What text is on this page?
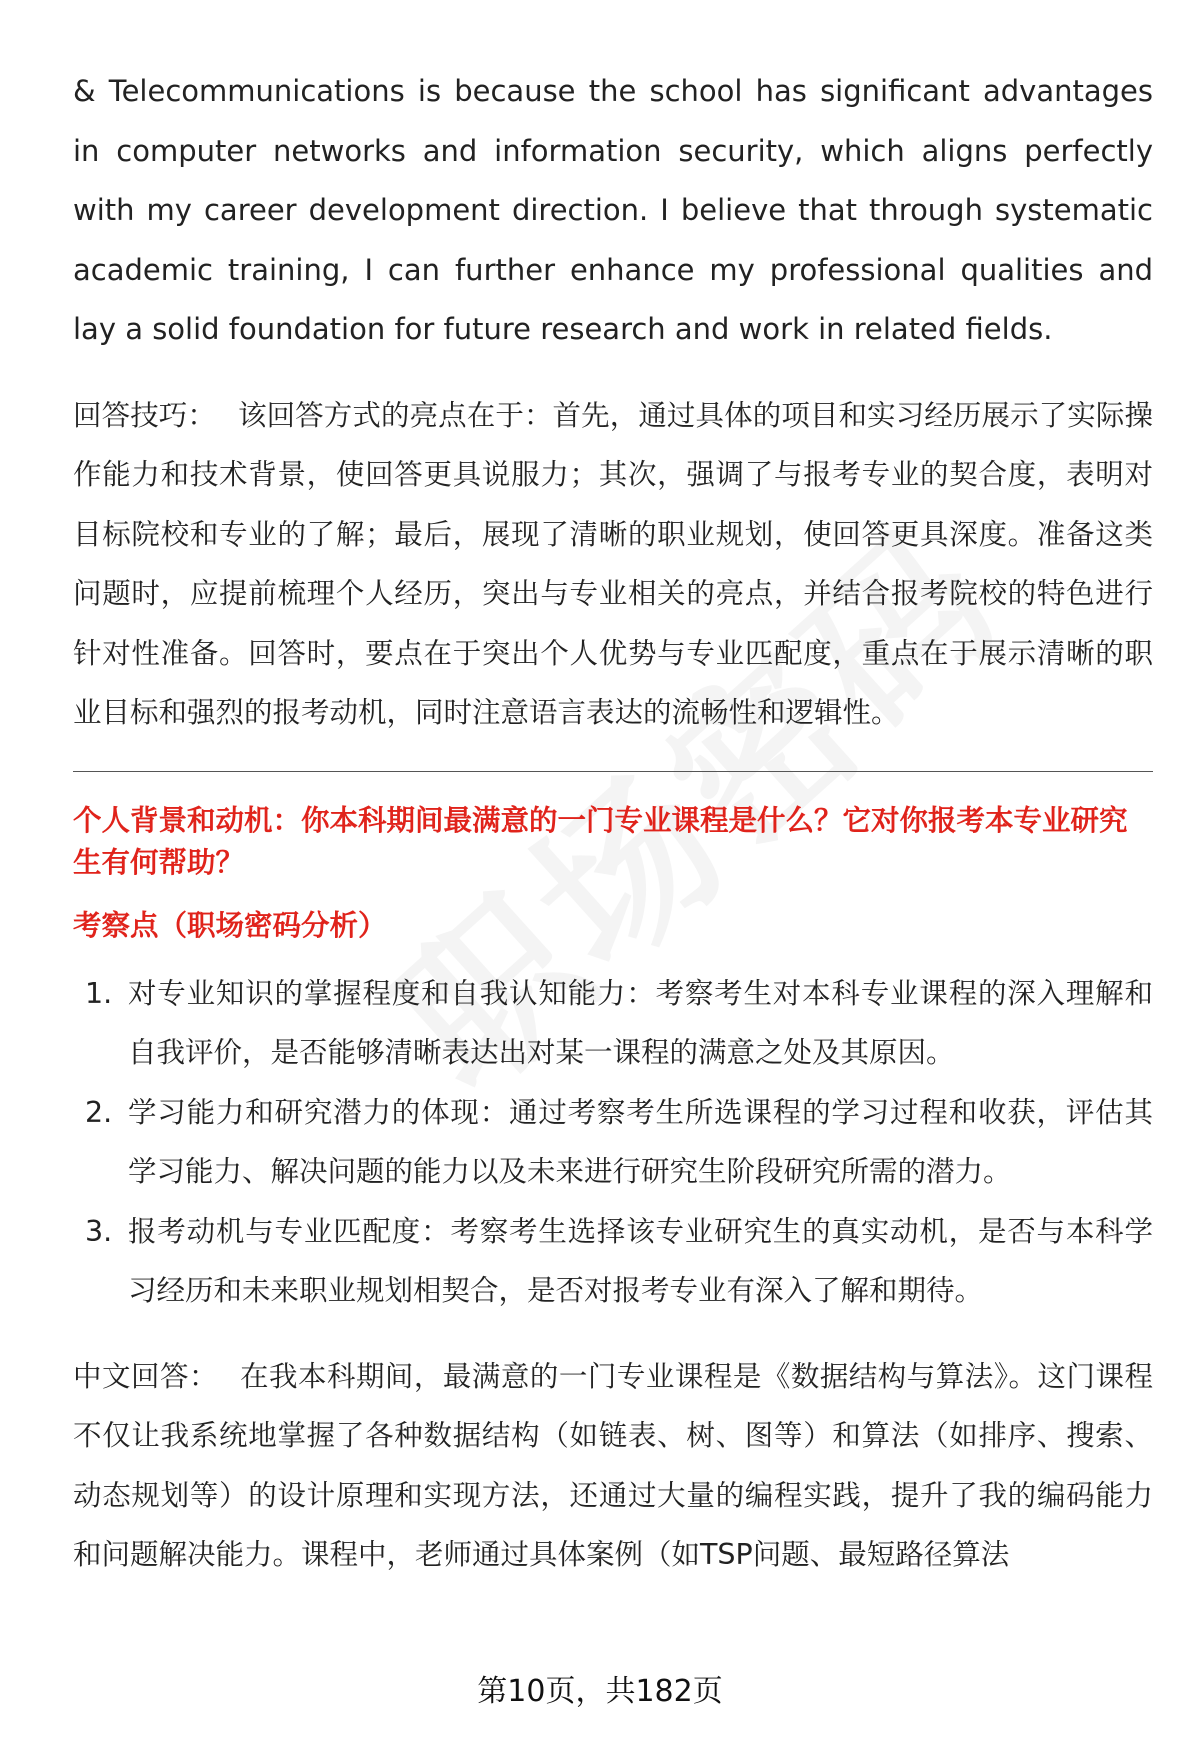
& Telecommunications is because the school has significant advantages in computer networks and information security, which aligns perfectly with my career development direction. I believe that through systematic academic training, I can further enhance my professional qualities and lay a solid foundation for future research and work in related fields.

回答技巧： 该回答方式的亮点在于：首先，通过具体的项目和实习经历展示了实际操作能力和技术背景，使回答更具说服力；其次，强调了与报考专业的契合度，表明对目标院校和专业的了解；最后，展现了清晰的职业规划，使回答更具深度。准备这类问题时，应提前梳理个人经历，突出与专业相关的亮点，并结合报考院校的特色进行针对性准备。回答时，要点在于突出个人优势与专业匹配度，重点在于展示清晰的职业目标和强烈的报考动机，同时注意语言表达的流畅性和逻辑性。

个人背景和动机：你本科期间最满意的一门专业课程是什么？它对你报考本专业研究生有何帮助？

考察点（职场密码分析）

1. 对专业知识的掌握程度和自我认知能力：考察考生对本科专业课程的深入理解和自我评价，是否能够清晰表达出对某一课程的满意之处及其原因。
2. 学习能力和研究潜力的体现：通过考察考生所选课程的学习过程和收获，评估其学习能力、解决问题的能力以及未来进行研究生阶段研究所需的潜力。
3. 报考动机与专业匹配度：考察考生选择该专业研究生的真实动机，是否与本科学习经历和未来职业规划相契合，是否对报考专业有深入了解和期待。

中文回答： 在我本科期间，最满意的一门专业课程是《数据结构与算法》。这门课程不仅让我系统地掌握了各种数据结构（如链表、树、图等）和算法（如排序、搜索、动态规划等）的设计原理和实现方法，还通过大量的编程实践，提升了我的编码能力和问题解决能力。课程中，老师通过具体案例（如TSP问题、最短路径算法

第10页，共182页
